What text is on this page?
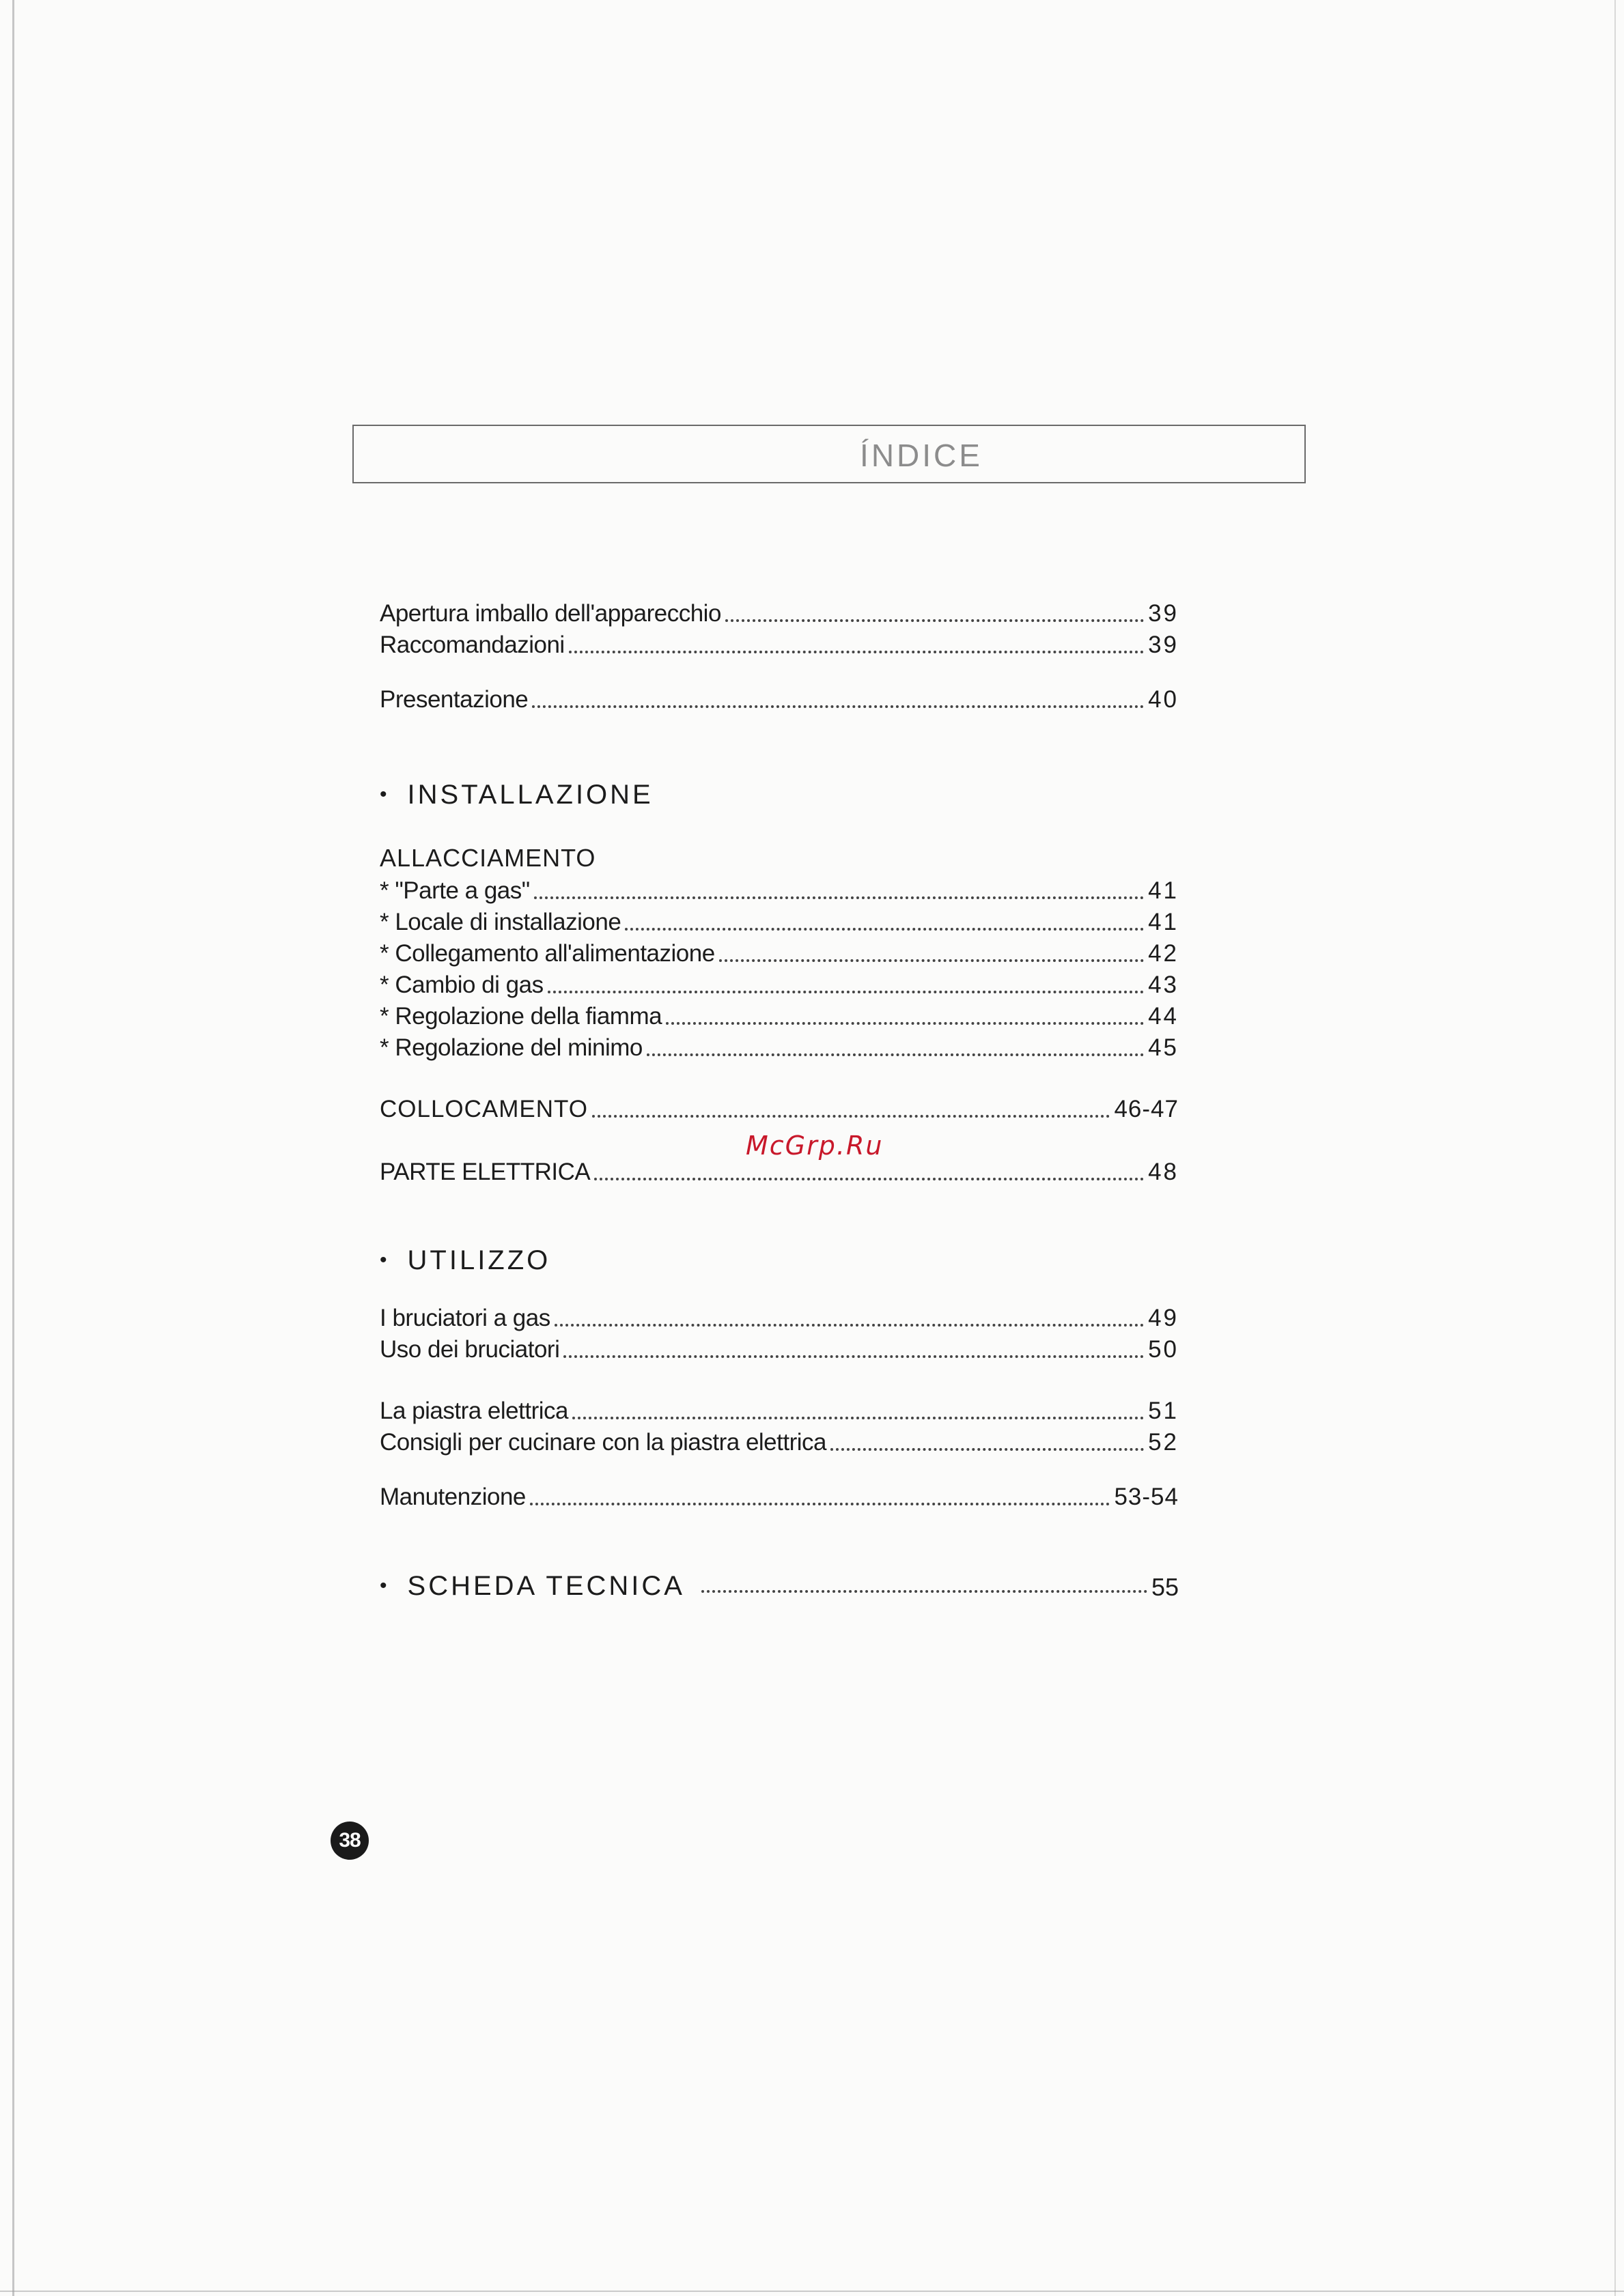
ÍNDICE
Apertura imballo dell'apparecchio	39
Raccomandazioni	39
Presentazione	40
• INSTALLAZIONE
ALLACCIAMENTO
* "Parte a gas"	41
* Locale di installazione	41
* Collegamento all'alimentazione	42
* Cambio di gas	43
* Regolazione della fiamma	44
* Regolazione del minimo	45
COLLOCAMENTO	46-47
PARTE ELETTRICA	48
• UTILIZZO
I bruciatori a gas	49
Uso dei bruciatori	50
La piastra elettrica	51
Consigli per cucinare con la piastra elettrica	52
Manutenzione	53-54
• SCHEDA TECNICA	55
McGrp.Ru
38
